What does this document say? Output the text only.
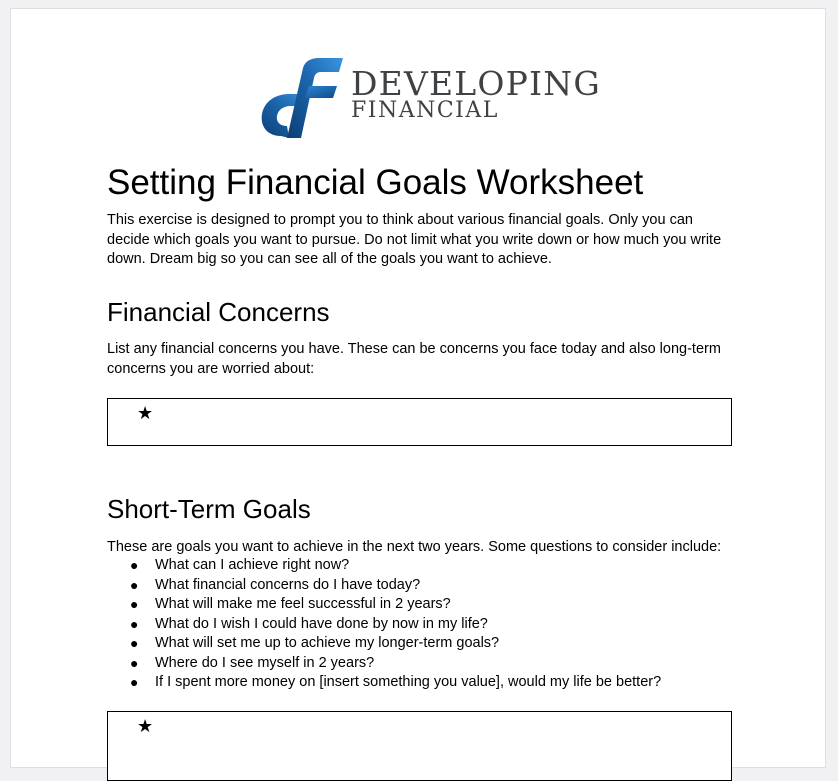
DEVELOPING
FINANCIAL
Setting Financial Goals Worksheet

This exercise is designed to prompt you to think about various financial goals. Only you can decide which goals you want to pursue. Do not limit what you write down or how much you write down. Dream big so you can see all of the goals you want to achieve.

Financial Concerns

List any financial concerns you have. These can be concerns you face today and also long-term concerns you are worried about:

★
Short-Term Goals

These are goals you want to achieve in the next two years. Some questions to consider include:

● What can I achieve right now?
● What financial concerns do I have today?
● What will make me feel successful in 2 years?
● What do I wish I could have done by now in my life?
● What will set me up to achieve my longer-term goals?
● Where do I see myself in 2 years?
● If I spent more money on [insert something you value], would my life be better?
★
